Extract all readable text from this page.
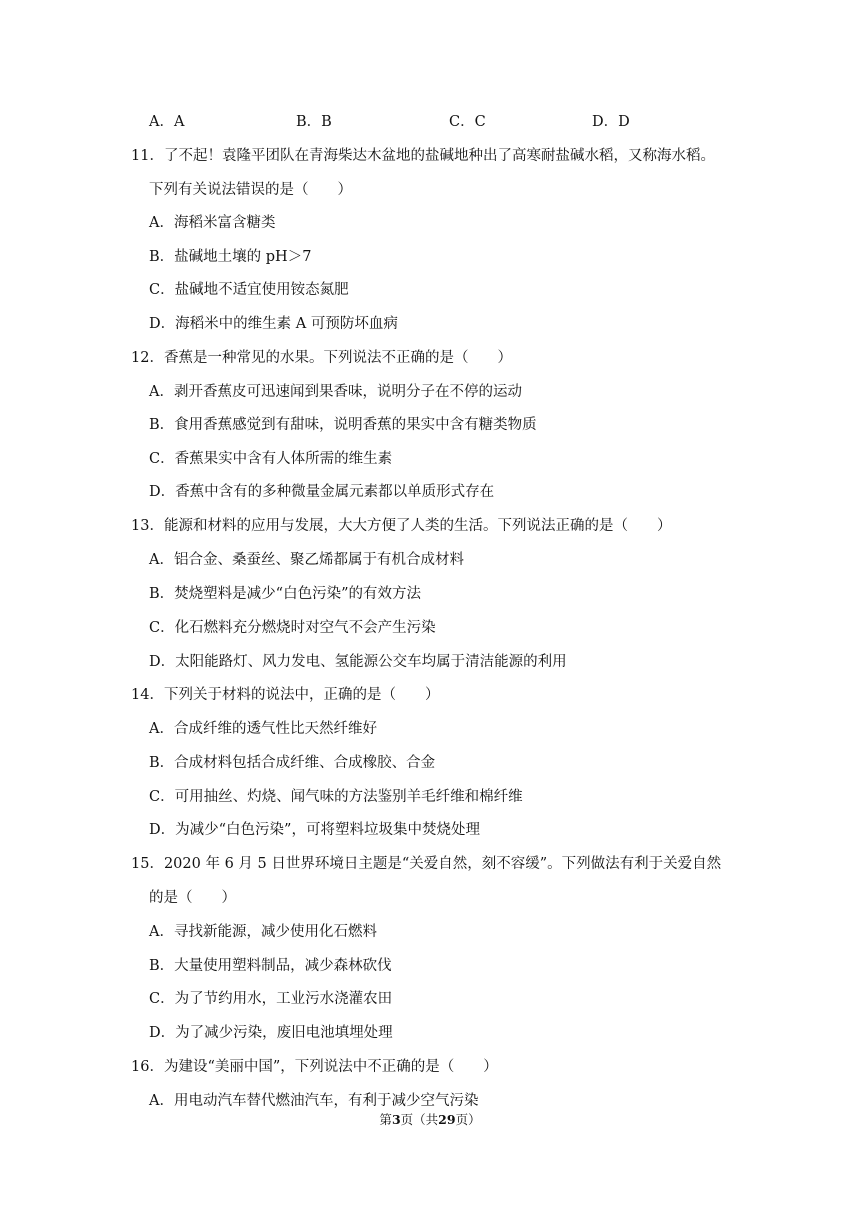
A．A	B．B	C．C	D．D
11．了不起！袁隆平团队在青海柴达木盆地的盐碱地种出了高寒耐盐碱水稻，又称海水稻。
下列有关说法错误的是（　　）
A．海稻米富含糖类
B．盐碱地土壤的 pH＞7
C．盐碱地不适宜使用铵态氮肥
D．海稻米中的维生素 A 可预防坏血病
12．香蕉是一种常见的水果。下列说法不正确的是（　　）
A．剥开香蕉皮可迅速闻到果香味，说明分子在不停的运动
B．食用香蕉感觉到有甜味，说明香蕉的果实中含有糖类物质
C．香蕉果实中含有人体所需的维生素
D．香蕉中含有的多种微量金属元素都以单质形式存在
13．能源和材料的应用与发展，大大方便了人类的生活。下列说法正确的是（　　）
A．铝合金、桑蚕丝、聚乙烯都属于有机合成材料
B．焚烧塑料是减少“白色污染”的有效方法
C．化石燃料充分燃烧时对空气不会产生污染
D．太阳能路灯、风力发电、氢能源公交车均属于清洁能源的利用
14．下列关于材料的说法中，正确的是（　　）
A．合成纤维的透气性比天然纤维好
B．合成材料包括合成纤维、合成橡胶、合金
C．可用抽丝、灼烧、闻气味的方法鉴别羊毛纤维和棉纤维
D．为减少“白色污染”，可将塑料垃圾集中焚烧处理
15．2020 年 6 月 5 日世界环境日主题是“关爱自然，刻不容缓”。下列做法有利于关爱自然
的是（　　）
A．寻找新能源，减少使用化石燃料
B．大量使用塑料制品，减少森林砍伐
C．为了节约用水，工业污水浇灌农田
D．为了减少污染，废旧电池填埋处理
16．为建设“美丽中国”，下列说法中不正确的是（　　）
A．用电动汽车替代燃油汽车，有利于减少空气污染
第3页（共29页）
